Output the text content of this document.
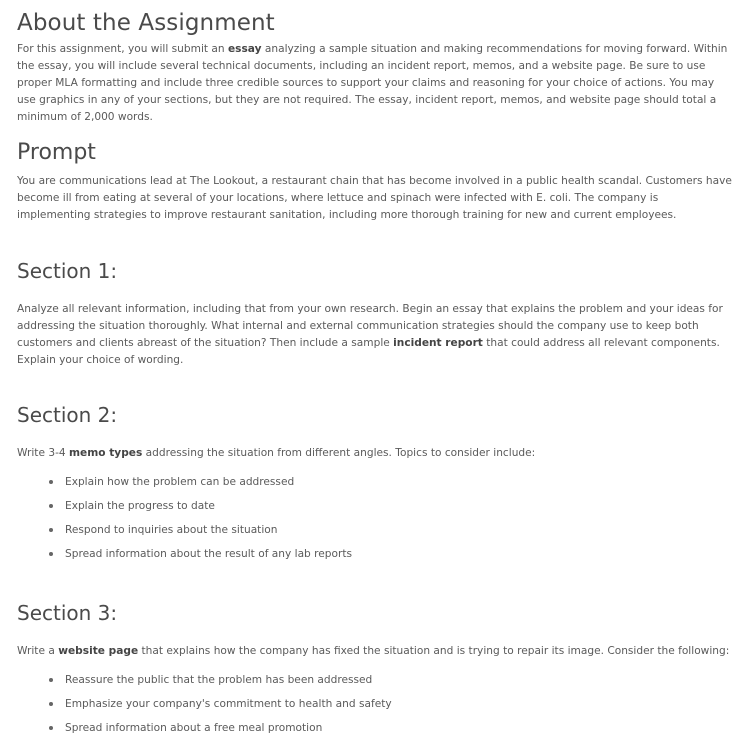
About the Assignment

For this assignment, you will submit an essay analyzing a sample situation and making recommendations for moving forward. Within the essay, you will include several technical documents, including an incident report, memos, and a website page. Be sure to use proper MLA formatting and include three credible sources to support your claims and reasoning for your choice of actions. You may use graphics in any of your sections, but they are not required. The essay, incident report, memos, and website page should total a minimum of 2,000 words.

Prompt

You are communications lead at The Lookout, a restaurant chain that has become involved in a public health scandal. Customers have become ill from eating at several of your locations, where lettuce and spinach were infected with E. coli. The company is implementing strategies to improve restaurant sanitation, including more thorough training for new and current employees.

Section 1:

Analyze all relevant information, including that from your own research. Begin an essay that explains the problem and your ideas for addressing the situation thoroughly. What internal and external communication strategies should the company use to keep both customers and clients abreast of the situation? Then include a sample incident report that could address all relevant components. Explain your choice of wording.

Section 2:

Write 3-4 memo types addressing the situation from different angles. Topics to consider include:

Explain how the problem can be addressed
Explain the progress to date
Respond to inquiries about the situation
Spread information about the result of any lab reports
Section 3:

Write a website page that explains how the company has fixed the situation and is trying to repair its image. Consider the following:

Reassure the public that the problem has been addressed
Emphasize your company's commitment to health and safety
Spread information about a free meal promotion
